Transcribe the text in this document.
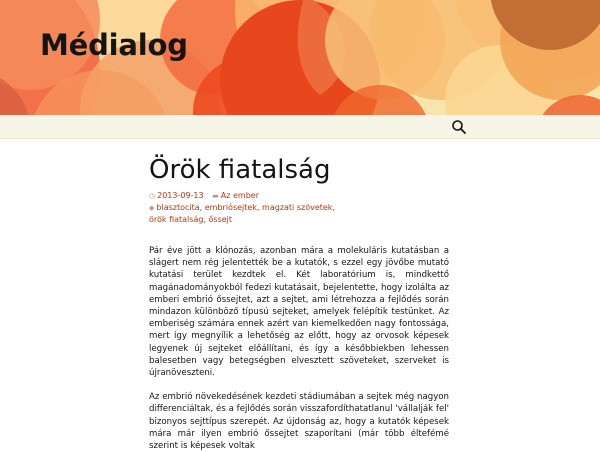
Médialog
Örök fiatalság
◷ 2013-09-13 ▬ Az ember ◆ blasztocita, embriósejtek, magzati szövetek,
örök fiatalság, őssejt

Pár éve jött a klónozás, azonban mára a molekuláris kutatásban a slágert nem rég jelentették be a kutatók, s ezzel egy jövőbe mutató kutatási terület kezdtek el. Két laboratórium is, mindkettő magánadományokból fedezi kutatásait, bejelentette, hogy izolálta az emberi embrió őssejtet, azt a sejtet, ami létrehozza a fejlődés során mindazon különböző típusú sejteket, amelyek felépítik testünket. Az emberiség számára ennek azért van kiemelkedően nagy fontossága, mert így megnyílik a lehetőség az előtt, hogy az orvosok képesek legyenek új sejteket előállítani, és így a későbbiekben lehessen balesetben vagy betegségben elvesztett szöveteket, szerveket is újranöveszteni.

Az embrió növekedésének kezdeti stádiumában a sejtek még nagyon differenciáltak, és a fejlődés során visszafordíthatatlanul 'vállalják fel' bizonyos sejttípus szerepét. Az újdonság az, hogy a kutatók képesek mára már ilyen embrió őssejtet szaporítani (már több éltefémé szerint is képesek voltak
